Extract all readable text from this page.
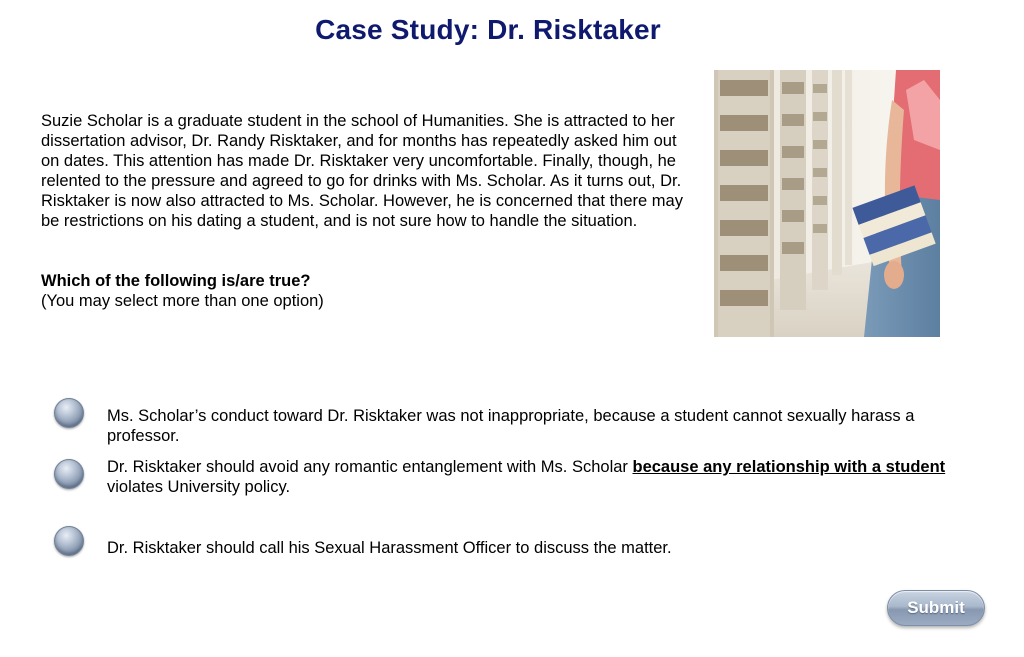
Case Study: Dr. Risktaker
Suzie Scholar is a graduate student in the school of Humanities. She is attracted to her dissertation advisor, Dr. Randy Risktaker, and for months has repeatedly asked him out on dates. This attention has made Dr. Risktaker very uncomfortable. Finally, though, he relented to the pressure and agreed to go for drinks with Ms. Scholar. As it turns out, Dr. Risktaker is now also attracted to Ms. Scholar. However, he is concerned that there may be restrictions on his dating a student, and is not sure how to handle the situation.
Which of the following is/are true?
(You may select more than one option)
Ms. Scholar’s conduct toward Dr. Risktaker was not inappropriate, because a student cannot sexually harass a professor.
Dr. Risktaker should avoid any romantic entanglement with Ms. Scholar because any relationship with a student violates University policy.
Dr. Risktaker should call his Sexual Harassment Officer to discuss the matter.
Submit
